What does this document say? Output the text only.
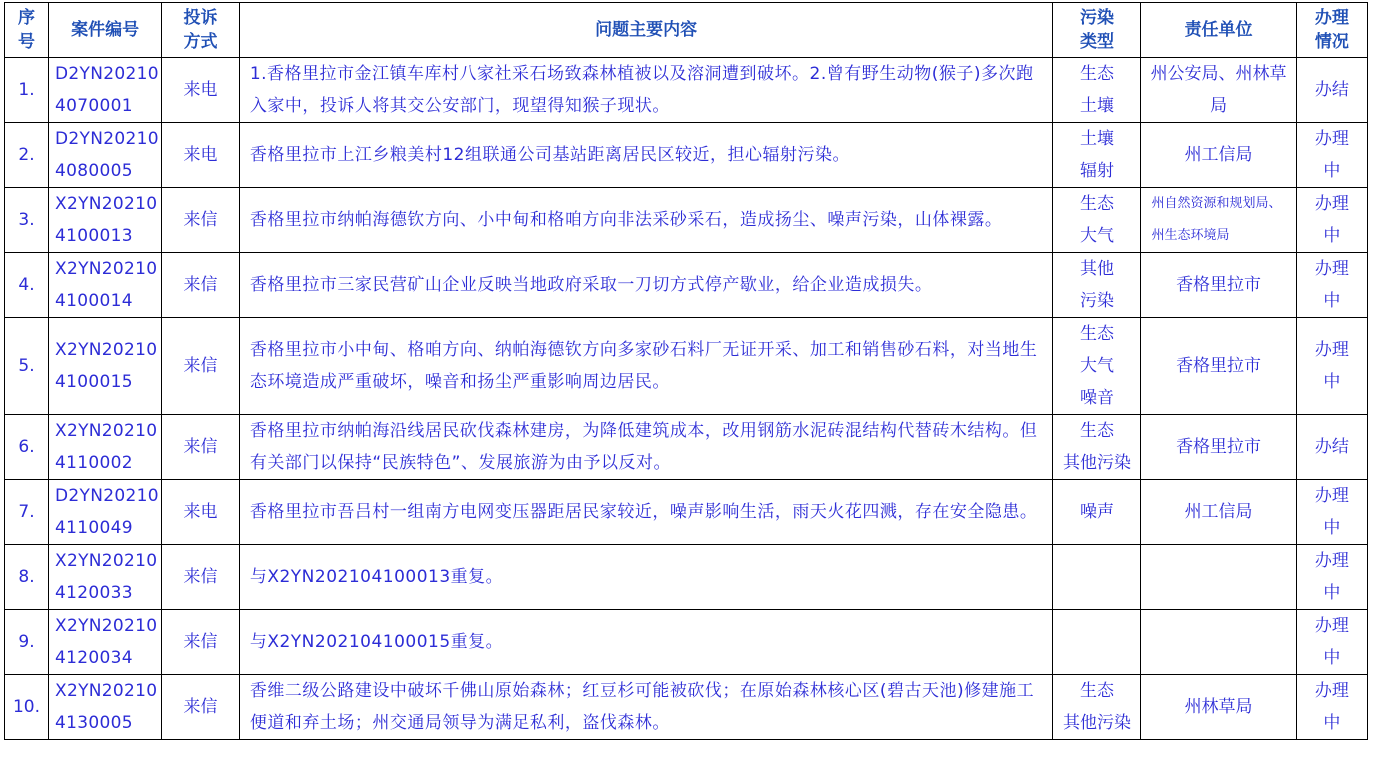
序
号	案件编号	投诉
方式	问题主要内容	污染
类型	责任单位	办理
情况
1.	D2YN20210
4070001	来电	1.香格里拉市金江镇车库村八家社采石场致森林植被以及溶洞遭到破坏。2.曾有野生动物(猴子)多次跑入家中，投诉人将其交公安部门，现望得知猴子现状。	生态
土壤	州公安局、州林草局	办结
2.	D2YN20210
4080005	来电	香格里拉市上江乡粮美村12组联通公司基站距离居民区较近，担心辐射污染。	土壤
辐射	州工信局	办理
中
3.	X2YN20210
4100013	来信	香格里拉市纳帕海德钦方向、小中甸和格咱方向非法采砂采石，造成扬尘、噪声污染，山体裸露。	生态
大气	州自然资源和规划局、州生态环境局	办理
中
4.	X2YN20210
4100014	来信	香格里拉市三家民营矿山企业反映当地政府采取一刀切方式停产歇业，给企业造成损失。	其他
污染	香格里拉市	办理
中
5.	X2YN20210
4100015	来信	香格里拉市小中甸、格咱方向、纳帕海德钦方向多家砂石料厂无证开采、加工和销售砂石料，对当地生态环境造成严重破坏，噪音和扬尘严重影响周边居民。	生态
大气
噪音	香格里拉市	办理
中
6.	X2YN20210
4110002	来信	香格里拉市纳帕海沿线居民砍伐森林建房，为降低建筑成本，改用钢筋水泥砖混结构代替砖木结构。但有关部门以保持“民族特色”、发展旅游为由予以反对。	生态
其他污染	香格里拉市	办结
7.	D2YN20210
4110049	来电	香格里拉市吾吕村一组南方电网变压器距居民家较近，噪声影响生活，雨天火花四溅，存在安全隐患。	噪声	州工信局	办理
中
8.	X2YN20210
4120033	来信	与X2YN202104100013重复。			办理
中
9.	X2YN20210
4120034	来信	与X2YN202104100015重复。			办理
中
10.	X2YN20210
4130005	来信	香维二级公路建设中破坏千佛山原始森林；红豆杉可能被砍伐；在原始森林核心区(碧古天池)修建施工便道和弃土场；州交通局领导为满足私利，盗伐森林。	生态
其他污染	州林草局	办理
中
